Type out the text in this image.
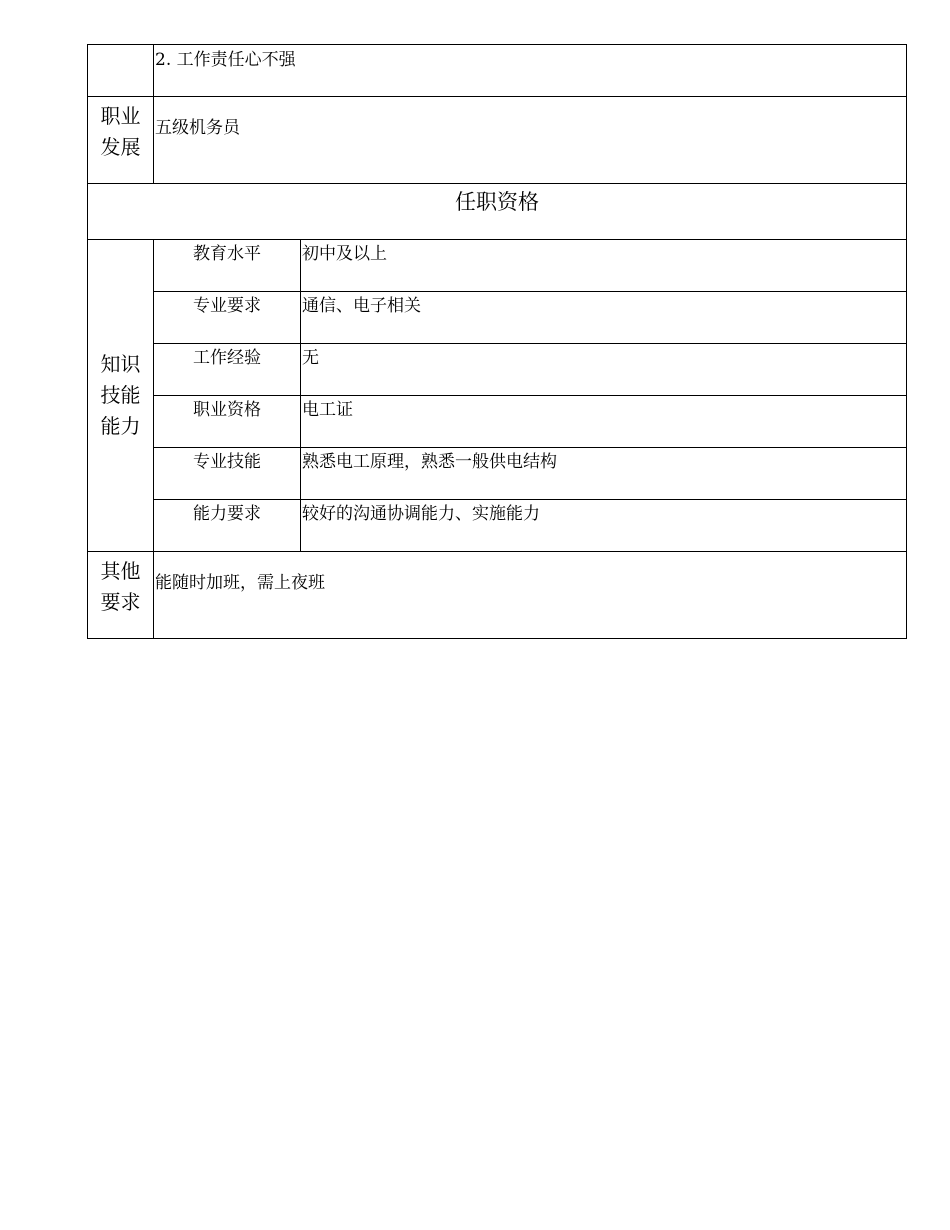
	2. 工作责任心不强	

职业
发展	五级机务员	
任职资格		

知识
技能
能力	教育水平	初中及以上
	专业要求	通信、电子相关
	工作经验	无
	职业资格	电工证
	专业技能	熟悉电工原理，熟悉一般供电结构
	能力要求	较好的沟通协调能力、实施能力

其他
要求	能随时加班，需上夜班	
